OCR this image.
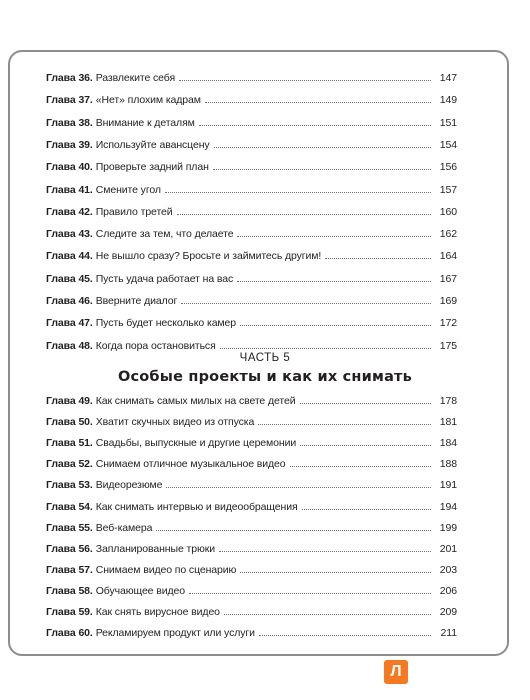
Глава 36. Развлеките себя	147
Глава 37. «Нет» плохим кадрам	149
Глава 38. Внимание к деталям	151
Глава 39. Используйте авансцену	154
Глава 40. Проверьте задний план	156
Глава 41. Смените угол	157
Глава 42. Правило третей	160
Глава 43. Следите за тем, что делаете	162
Глава 44. Не вышло сразу? Бросьте и займитесь другим!	164
Глава 45. Пусть удача работает на вас	167
Глава 46. Вверните диалог	169
Глава 47. Пусть будет несколько камер	172
Глава 48. Когда пора остановиться	175
ЧАСТЬ 5
Особые проекты и как их снимать
Глава 49. Как снимать самых милых на свете детей	178
Глава 50. Хватит скучных видео из отпуска	181
Глава 51. Свадьбы, выпускные и другие церемонии	184
Глава 52. Снимаем отличное музыкальное видео	188
Глава 53. Видеорезюме	191
Глава 54. Как снимать интервью и видеообращения	194
Глава 55. Веб-камера	199
Глава 56. Запланированные трюки	201
Глава 57. Снимаем видео по сценарию	203
Глава 58. Обучающее видео	206
Глава 59. Как снять вирусное видео	209
Глава 60. Рекламируем продукт или услуги	211
Л
